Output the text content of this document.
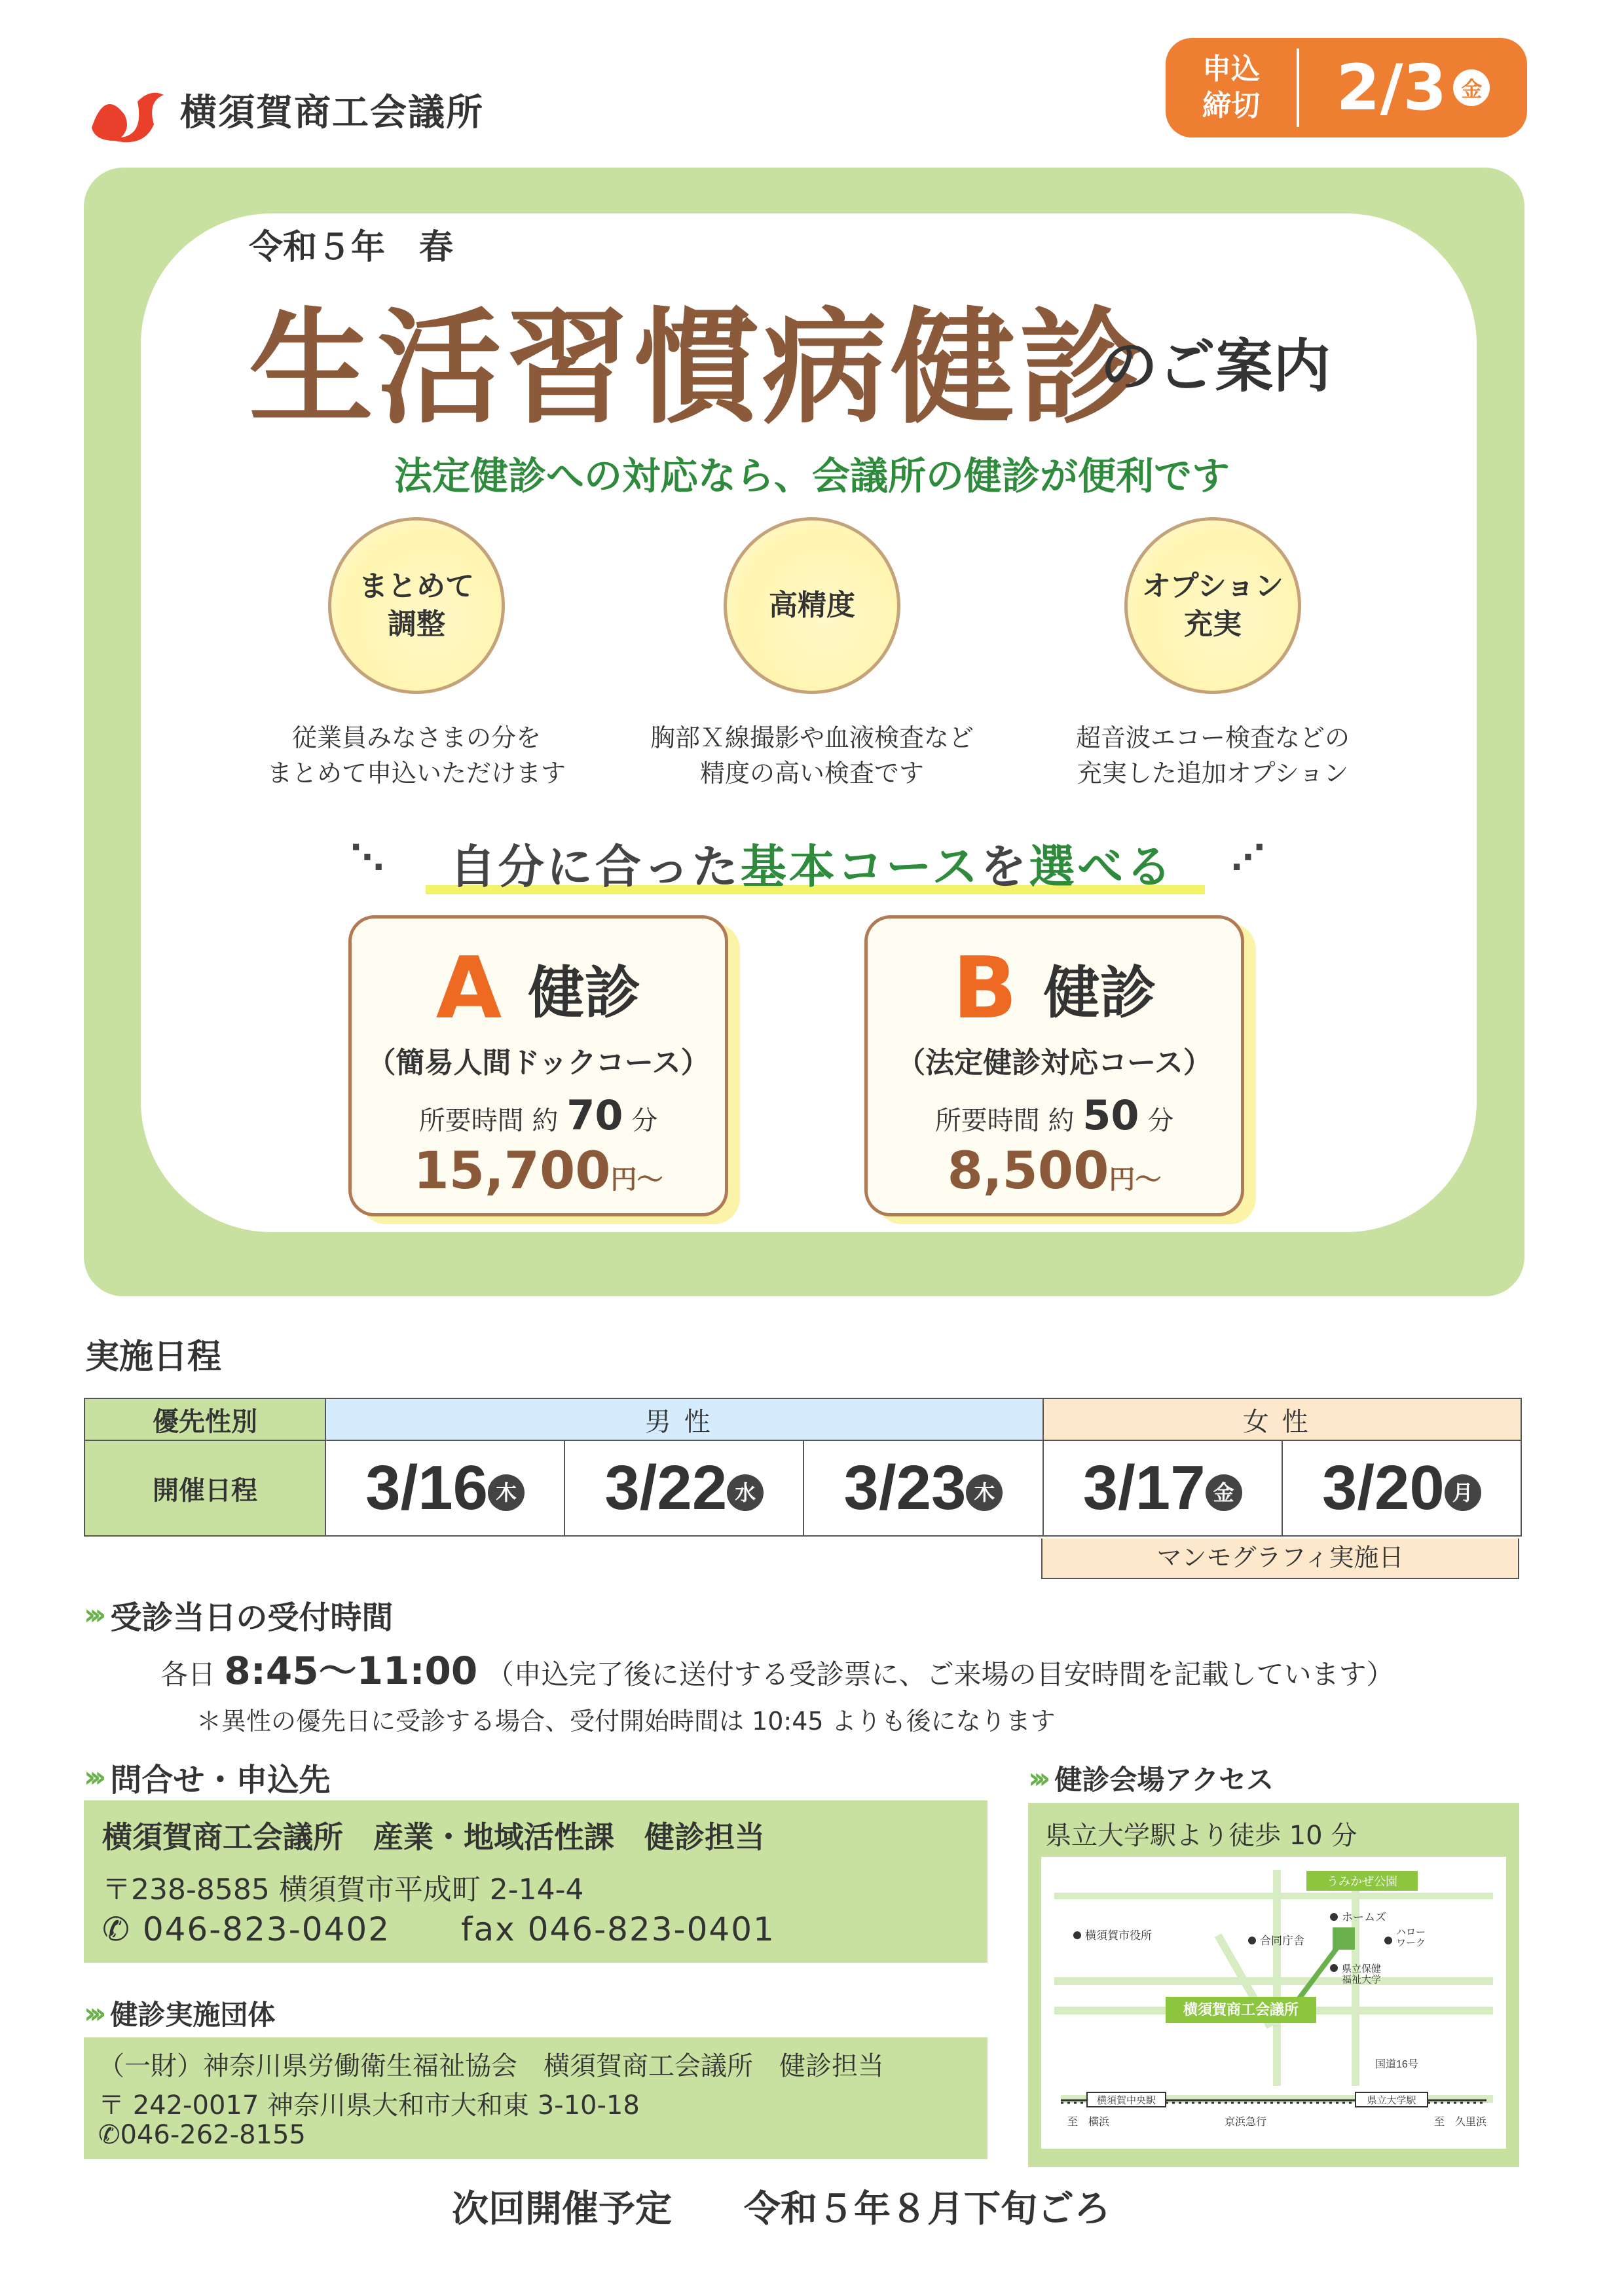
横須賀商工会議所
申込
締切	2/3 金
令和５年　春
生活習慣病健診
のご案内
法定健診への対応なら、会議所の健診が便利です
まとめて
調整
従業員みなさまの分を
まとめて申込いただけます
高精度
胸部Ｘ線撮影や血液検査など
精度の高い検査です
オプション
充実
超音波エコー検査などの
充実した追加オプション
⋱	⋰
自分に合った基本コースを選べる
A 健診
（簡易人間ドックコース）
所要時間 約 70 分
15,700円〜
B 健診
（法定健診対応コース）
所要時間 約 50 分
8,500円〜
実施日程
優先性別	男性			女性	
開催日程	3/16 木	3/22 水	3/23 木	3/17 金	3/20 月
マンモグラフィ実施日
››› 受診当日の受付時間
各日 8:45〜11:00 （申込完了後に送付する受診票に、ご来場の目安時間を記載しています）
＊異性の優先日に受診する場合、受付開始時間は 10:45 よりも後になります
››› 問合せ・申込先
横須賀商工会議所　産業・地域活性課　健診担当
〒238-8585 横須賀市平成町 2-14-4
✆ 046-823-0402 fax 046-823-0401
››› 健診実施団体
（一財）神奈川県労働衛生福祉協会　横須賀商工会議所　健診担当
〒 242-0017 神奈川県大和市大和東 3-10-18
✆046-262-8155
››› 健診会場アクセス
県立大学駅より徒歩 10 分
うみかぜ公園
横須賀市役所	合同庁舎
ホームズ
ハローワーク
県立保健福祉大学
横須賀商工会議所
国道16号
横須賀中央駅	県立大学駅
至　横浜	京浜急行	至　久里浜
次回開催予定 令和５年８月下旬ごろ
